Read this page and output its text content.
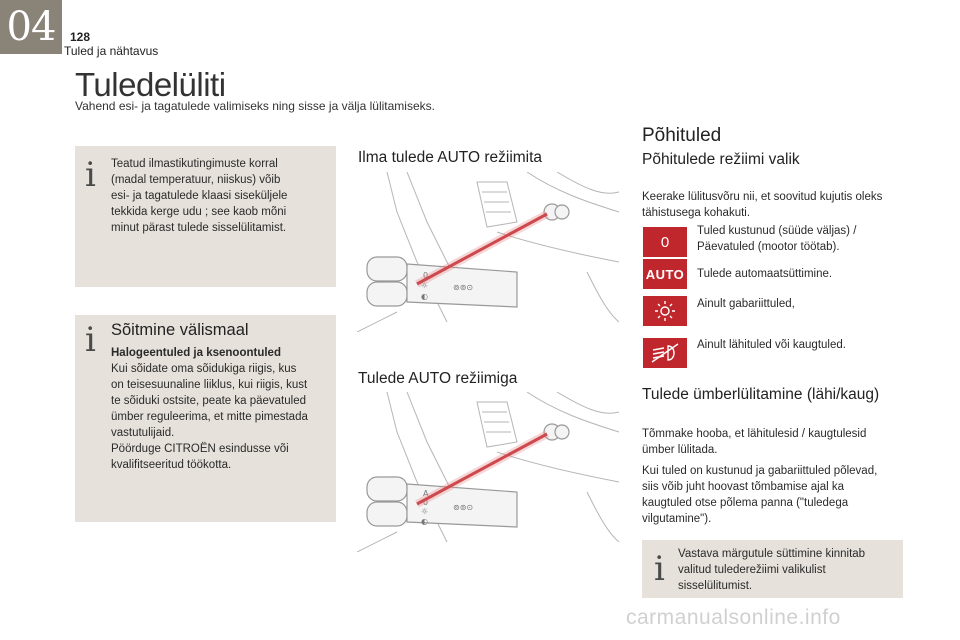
04	128
Tuled ja nähtavus
Tuledelüliti
Vahend esi- ja tagatulede valimiseks ning sisse ja välja lülitamiseks.
i Teatud ilmastikutingimuste korral
(madal temperatuur, niiskus) võib
esi- ja tagatulede klaasi siseküljele
tekkida kerge udu ; see kaob mõni
minut pärast tulede sisselülitamist.
i Sõitmine välismaal
Halogeentuled ja ksenoontuled
Kui sõidate oma sõidukiga riigis, kus
on teisesuunaline liiklus, kui riigis, kust
te sõiduki ostsite, peate ka päevatuled
ümber reguleerima, et mitte pimestada
vastutulijaid.
Pöörduge CITROËN esindusse või
kvalifitseeritud töökotta.
Ilma tulede AUTO režiimita
0
☼
◐
⊚⊚⊙
Tulede AUTO režiimiga
A
0
☼
◐
⊚⊚⊙
Põhituled
Põhitulede režiimi valik
Keerake lülitusvõru nii, et soovitud kujutis oleks
tähistusega kohakuti.
0
Tuled kustunud (süüde väljas) /
Päevatuled (mootor töötab).
AUTO Tulede automaatsüttimine.
Ainult gabariittuled,
Ainult lähituled või kaugtuled.
Tulede ümberlülitamine (lähi/kaug)
Tõmmake hooba, et lähitulesid / kaugtulesid
ümber lülitada.
Kui tuled on kustunud ja gabariittuled põlevad,
siis võib juht hoovast tõmbamise ajal ka
kaugtuled otse põlema panna ("tuledega
vilgutamine").
i Vastava märgutule süttimine kinnitab
valitud tulederežiimi valikulist
sisselülitumist.
carmanualsonline.info
